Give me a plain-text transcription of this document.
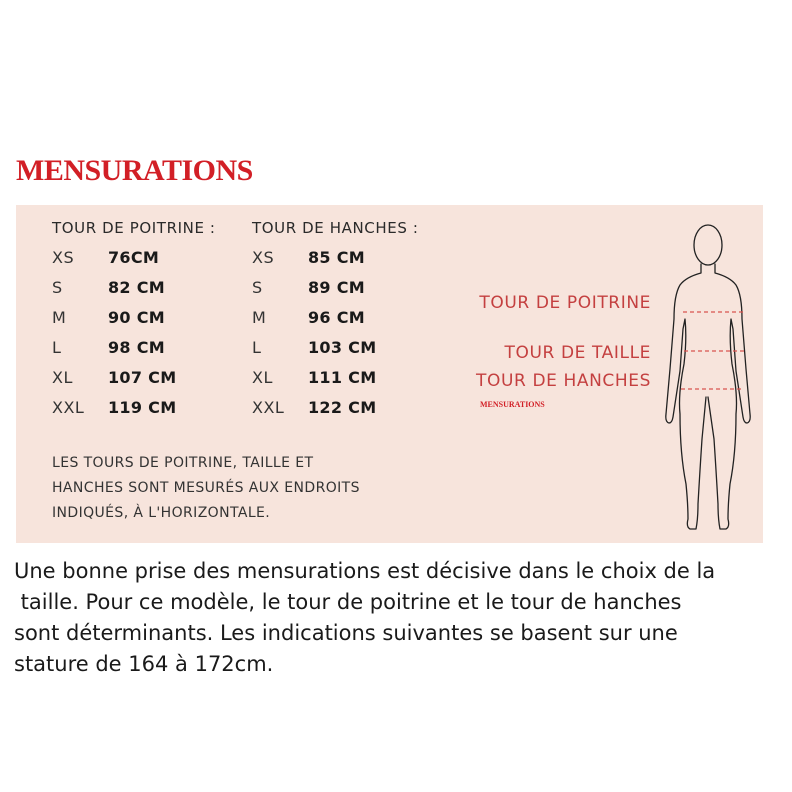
MENSURATIONS
TOUR DE POITRINE :
XS 76CM
S	82 CM
M	90 CM
L	98 CM
XL 107 CM
XXL 119 CM
TOUR DE HANCHES :
XS 85 CM
S	89 CM
M	96 CM
L	103 CM
XL 111 CM
XXL 122 CM
LES TOURS DE POITRINE, TAILLE ET
HANCHES SONT MESURÉS AUX ENDROITS
INDIQUÉS, À L'HORIZONTALE.
TOUR DE POITRINE
TOUR DE TAILLE
TOUR DE HANCHES
MENSURATIONS
Une bonne prise des mensurations est décisive dans le choix de la
taille. Pour ce modèle, le tour de poitrine et le tour de hanches
sont déterminants. Les indications suivantes se basent sur une
stature de 164 à 172cm.
